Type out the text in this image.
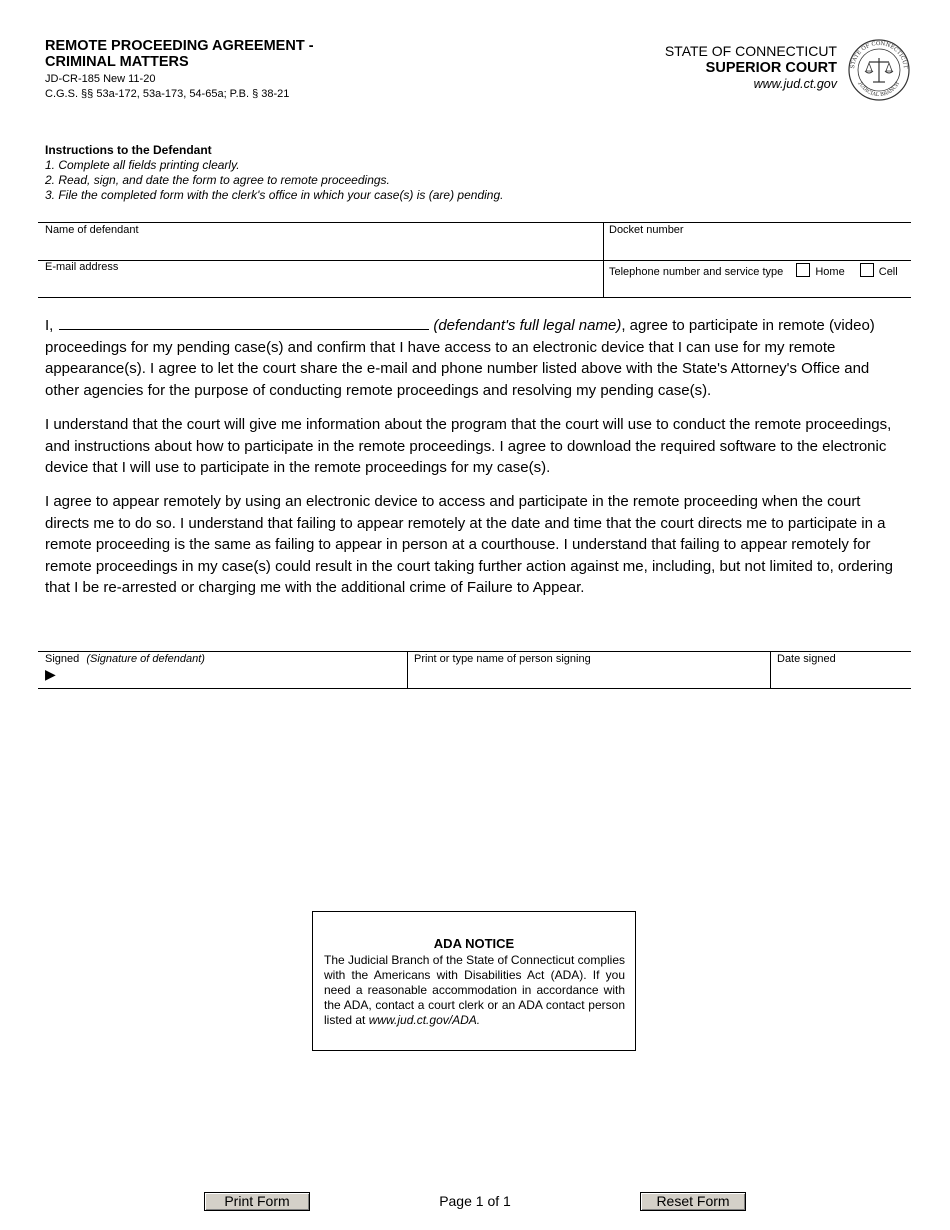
REMOTE PROCEEDING AGREEMENT -
CRIMINAL MATTERS
JD-CR-185 New 11-20
C.G.S. §§ 53a-172, 53a-173, 54-65a; P.B. § 38-21
STATE OF CONNECTICUT
SUPERIOR COURT
www.jud.ct.gov
STATE OF CONNECTICUT
JUDICIAL BRANCH
Instructions to the Defendant
1. Complete all fields printing clearly.
2. Read, sign, and date the form to agree to remote proceedings.
3. File the completed form with the clerk's office in which your case(s) is (are) pending.
Name of defendant	Docket number
E-mail address	Telephone number and service type	Home	Cell
I,	(defendant's full legal name), agree to participate in remote (video) proceedings for my pending case(s) and confirm that I have access to an electronic device that I can use for my remote appearance(s). I agree to let the court share the e-mail and phone number listed above with the State's Attorney's Office and other agencies for the purpose of conducting remote proceedings and resolving my pending case(s).
I understand that the court will give me information about the program that the court will use to conduct the remote proceedings, and instructions about how to participate in the remote proceedings. I agree to download the required software to the electronic device that I will use to participate in the remote proceedings for my case(s).
I agree to appear remotely by using an electronic device to access and participate in the remote proceeding when the court directs me to do so. I understand that failing to appear remotely at the date and time that the court directs me to participate in a remote proceeding is the same as failing to appear in person at a courthouse. I understand that failing to appear remotely for remote proceedings in my case(s) could result in the court taking further action against me, including, but not limited to, ordering that I be re-arrested or charging me with the additional crime of Failure to Appear.
Signed (Signature of defendant)
▶
Print or type name of person signing	Date signed
ADA NOTICE
The Judicial Branch of the State of Connecticut complies with the Americans with Disabilities Act (ADA). If you need a reasonable accommodation in accordance with the ADA, contact a court clerk or an ADA contact person listed at www.jud.ct.gov/ADA.
Print Form	Page 1 of 1	Reset Form
